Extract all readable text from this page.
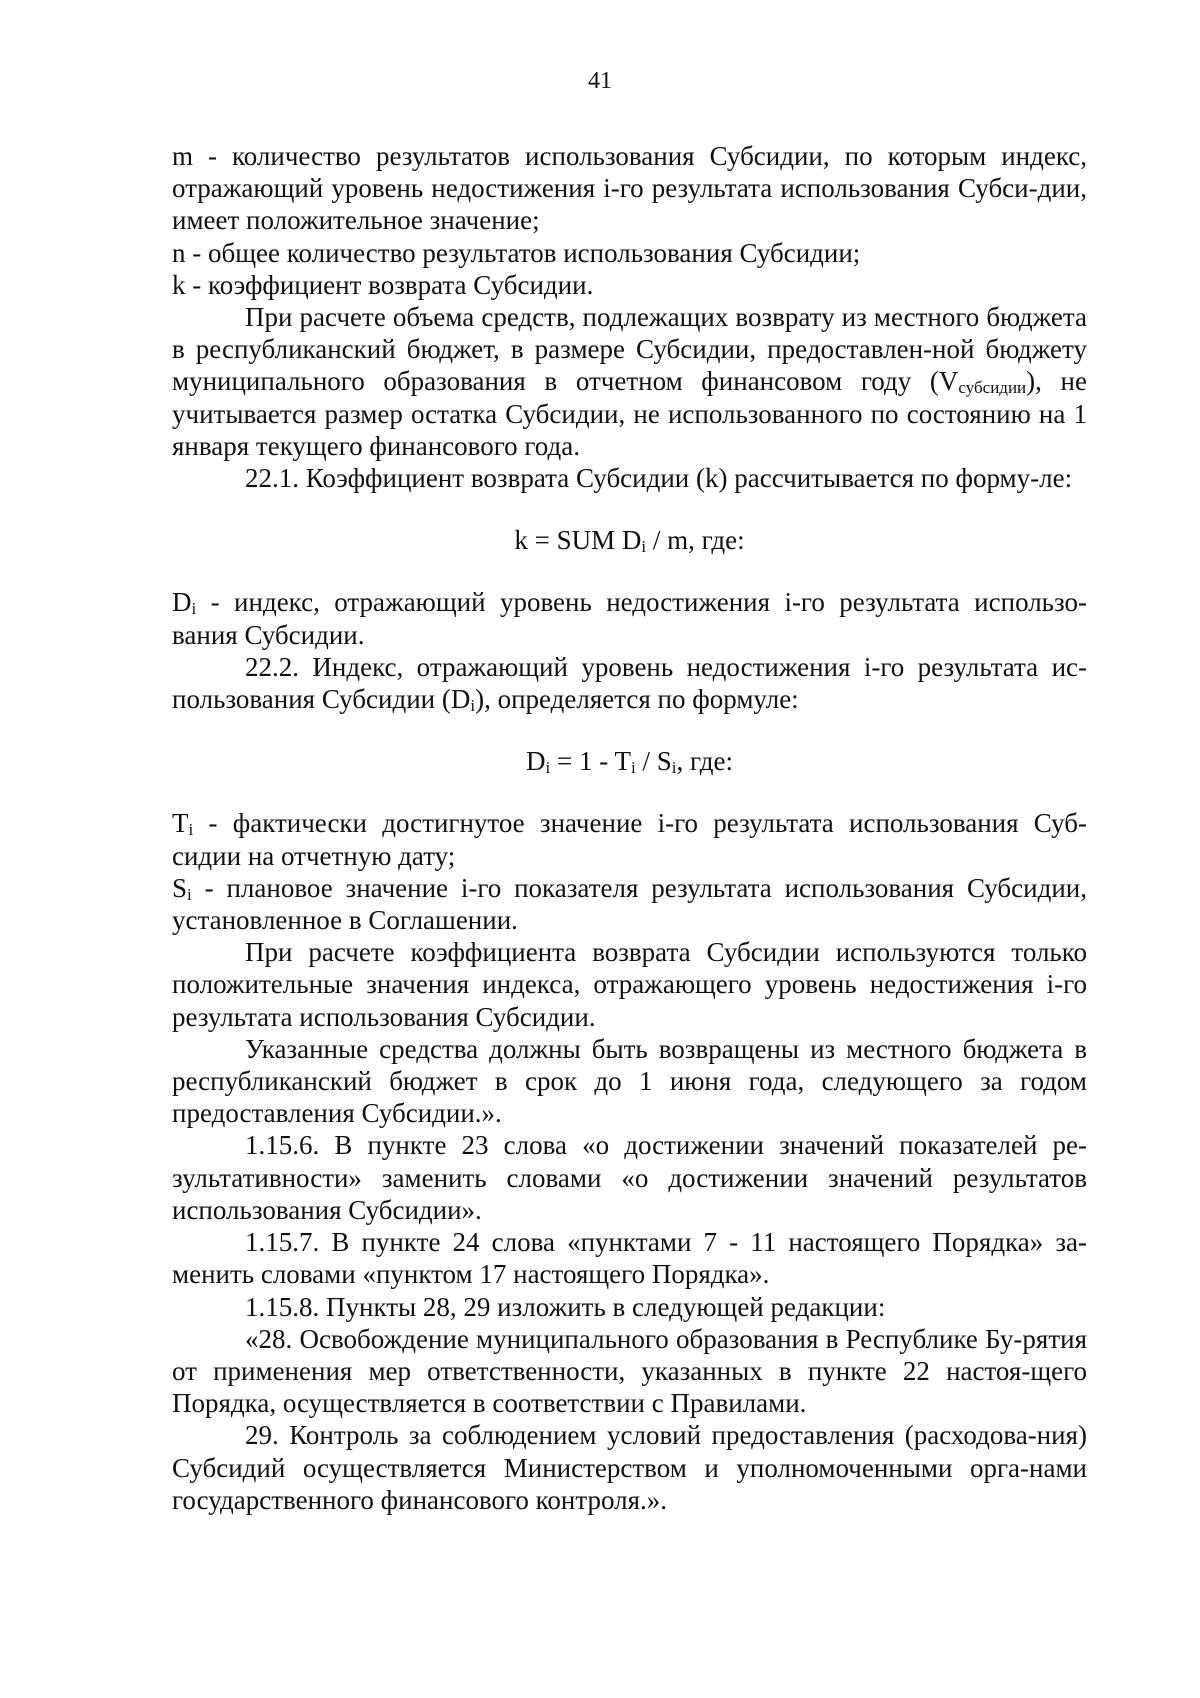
41

m - количество результатов использования Субсидии, по которым индекс, отражающий уровень недостижения i-го результата использования Субси-дии, имеет положительное значение;

n - общее количество результатов использования Субсидии;

k - коэффициент возврата Субсидии.

При расчете объема средств, подлежащих возврату из местного бюджета в республиканский бюджет, в размере Субсидии, предоставлен-ной бюджету муниципального образования в отчетном финансовом году $(V_{субсидии})$, не учитывается размер остатка Субсидии, не использованного по состоянию на 1 января текущего финансового года.

22.1. Коэффициент возврата Субсидии (k) рассчитывается по форму-ле:

k = SUM $D_i$ / m, где:

$D_i$ - индекс, отражающий уровень недостижения i-го результата использо-вания Субсидии.

22.2. Индекс, отражающий уровень недостижения i-го результата ис-пользования Субсидии $(D_i)$, определяется по формуле:

$D_i = 1 - T_i / S_i$, где:

$T_i$ - фактически достигнутое значение i-го результата использования Суб-сидии на отчетную дату;

$S_i$ - плановое значение i-го показателя результата использования Субсидии, установленное в Соглашении.

При расчете коэффициента возврата Субсидии используются только положительные значения индекса, отражающего уровень недостижения i-го результата использования Субсидии.

Указанные средства должны быть возвращены из местного бюджета в республиканский бюджет в срок до 1 июня года, следующего за годом предоставления Субсидии.».

1.15.6. В пункте 23 слова «о достижении значений показателей ре-зультативности» заменить словами «о достижении значений результатов использования Субсидии».

1.15.7. В пункте 24 слова «пунктами 7 - 11 настоящего Порядка» за-менить словами «пунктом 17 настоящего Порядка».

1.15.8. Пункты 28, 29 изложить в следующей редакции:

«28. Освобождение муниципального образования в Республике Бу-рятия от применения мер ответственности, указанных в пункте 22 настоя-щего Порядка, осуществляется в соответствии с Правилами.

29. Контроль за соблюдением условий предоставления (расходова-ния) Субсидий осуществляется Министерством и уполномоченными орга-нами государственного финансового контроля.».
